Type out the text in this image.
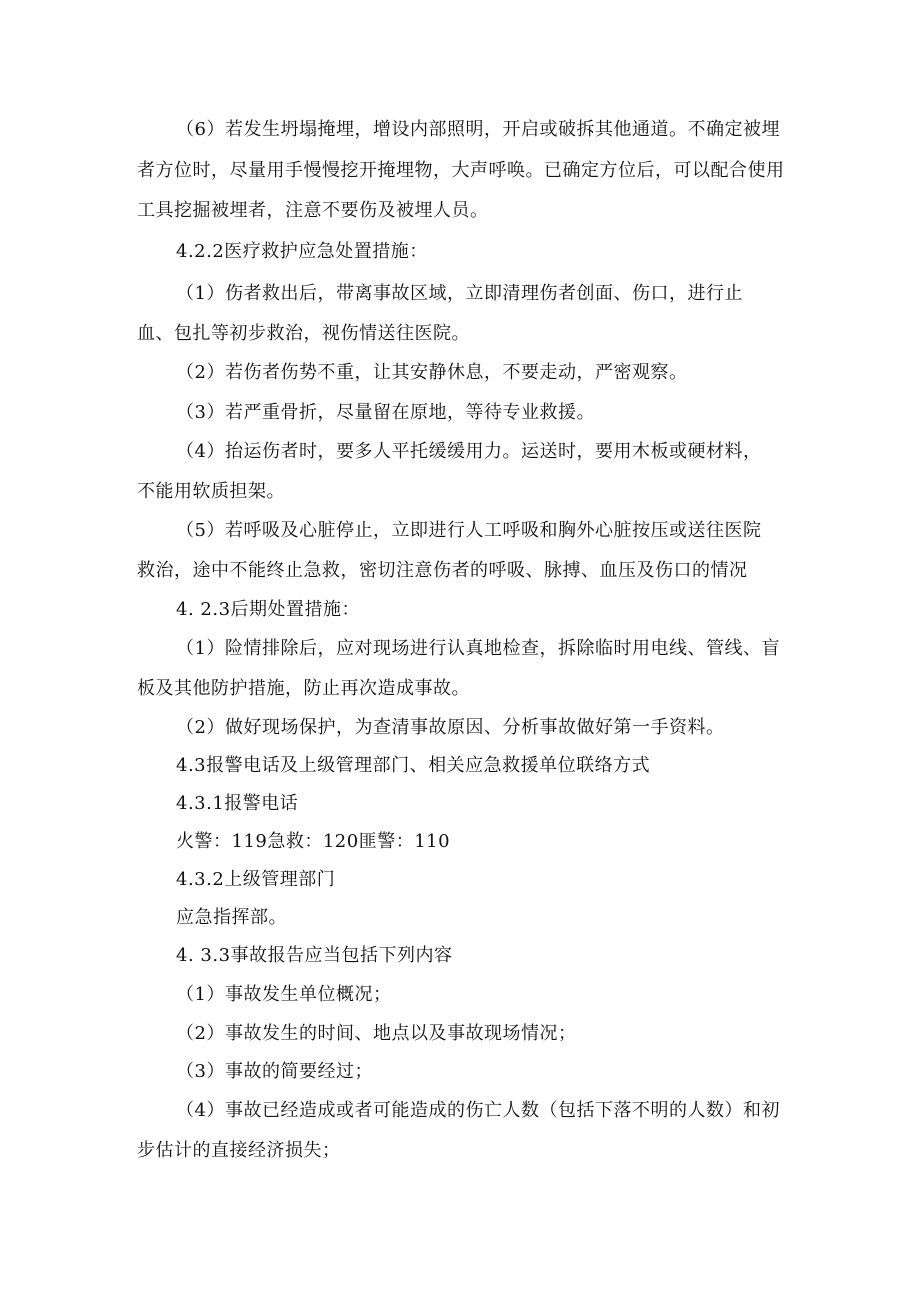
（6）若发生坍塌掩埋，增设内部照明，开启或破拆其他通道。不确定被埋

者方位时，尽量用手慢慢挖开掩埋物，大声呼唤。已确定方位后，可以配合使用

工具挖掘被埋者，注意不要伤及被埋人员。

4.2.2医疗救护应急处置措施：

（1）伤者救出后，带离事故区域，立即清理伤者创面、伤口，进行止

血、包扎等初步救治，视伤情送往医院。

（2）若伤者伤势不重，让其安静休息，不要走动，严密观察。

（3）若严重骨折，尽量留在原地，等待专业救援。

（4）抬运伤者时，要多人平托缓缓用力。运送时，要用木板或硬材料，

不能用软质担架。

（5）若呼吸及心脏停止，立即进行人工呼吸和胸外心脏按压或送往医院

救治，途中不能终止急救，密切注意伤者的呼吸、脉搏、血压及伤口的情况

4. 2.3后期处置措施：

（1）险情排除后，应对现场进行认真地检查，拆除临时用电线、管线、盲

板及其他防护措施，防止再次造成事故。

（2）做好现场保护，为查清事故原因、分析事故做好第一手资料。

4.3报警电话及上级管理部门、相关应急救援单位联络方式

4.3.1报警电话

火警：119急救：120匪警：110

4.3.2上级管理部门

应急指挥部。

4. 3.3事故报告应当包括下列内容

（1）事故发生单位概况；

（2）事故发生的时间、地点以及事故现场情况；

（3）事故的简要经过；

（4）事故已经造成或者可能造成的伤亡人数（包括下落不明的人数）和初

步估计的直接经济损失；
